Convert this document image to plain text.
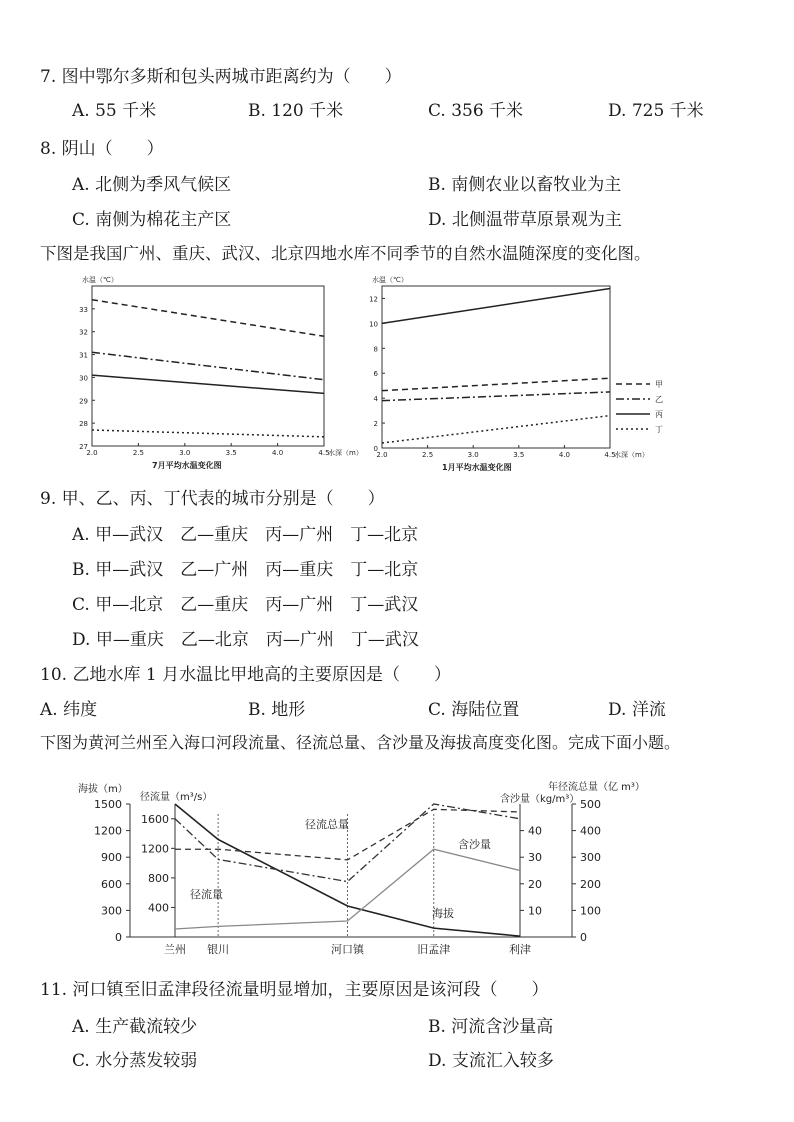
7. 图中鄂尔多斯和包头两城市距离约为（　　）
A. 55 千米	B. 120 千米	C. 356 千米	D. 725 千米
8. 阴山（　　）
A. 北侧为季风气候区	B. 南侧农业以畜牧业为主
C. 南侧为棉花主产区	D. 北侧温带草原景观为主
下图是我国广州、重庆、武汉、北京四地水库不同季节的自然水温随深度的变化图。
27
28
29
30
31
32
33
2.0	2.5	3.0	3.5	4.0	4.5
水温（℃）
水深（m）
7月平均水温变化图
0
2
4
6
8
10
12
2.0	2.5	3.0	3.5	4.0	4.5
水温（℃）
水深（m）
1月平均水温变化图
甲
乙
丙
丁
9. 甲、乙、丙、丁代表的城市分别是（　　）
A. 甲—武汉　乙—重庆　丙—广州　丁—北京
B. 甲—武汉　乙—广州　丙—重庆　丁—北京
C. 甲—北京　乙—重庆　丙—广州　丁—武汉
D. 甲—重庆　乙—北京　丙—广州　丁—武汉
10. 乙地水库 1 月水温比甲地高的主要原因是（　　）
A. 纬度	B. 地形	C. 海陆位置	D. 洋流
下图为黄河兰州至入海口河段流量、径流总量、含沙量及海拔高度变化图。完成下面小题。
0
300
600
900
1200
1500
海拔（m）
400
800
1200
1600
径流量（m³/s）
10
20
30
40
含沙量（kg/m³）
0
100
200
300
400
500
年径流总量（亿 m³）
兰州 银川	河口镇	旧孟津	利津
径流总量
含沙量
径流量
海拔
11. 河口镇至旧孟津段径流量明显增加，主要原因是该河段（　　）
A. 生产截流较少	B. 河流含沙量高
C. 水分蒸发较弱	D. 支流汇入较多
